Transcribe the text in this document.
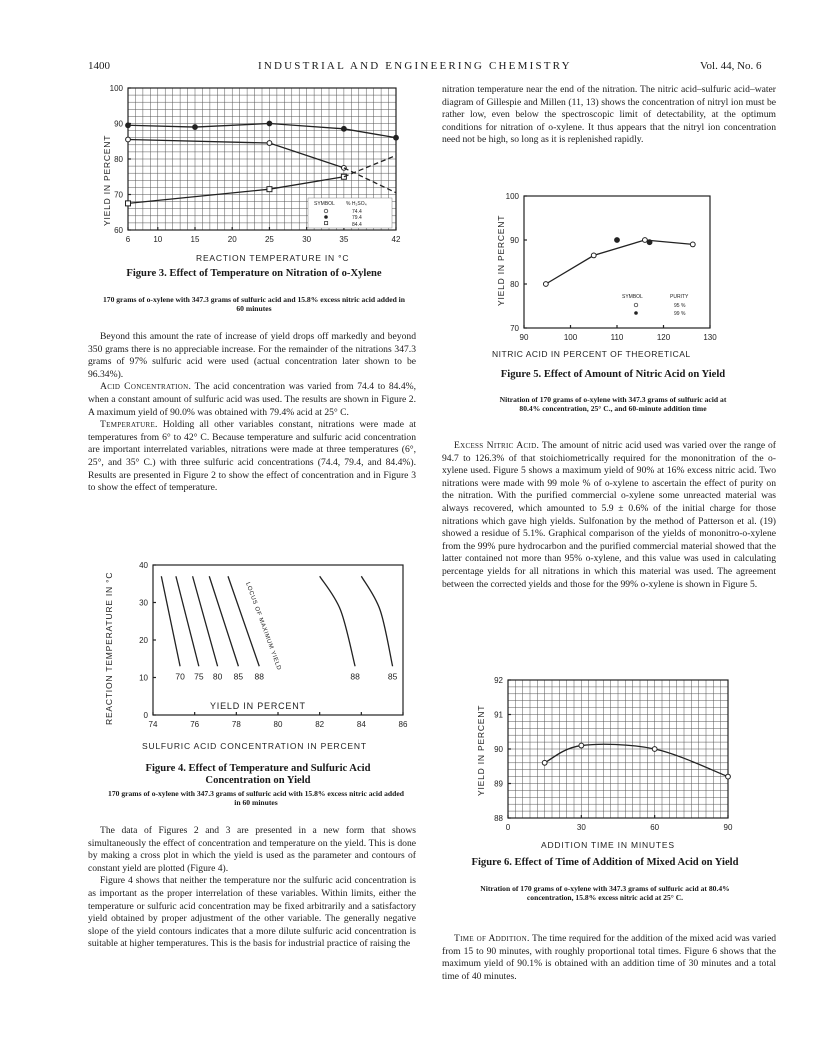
1400	INDUSTRIAL AND ENGINEERING CHEMISTRY	Vol. 44, No. 6
6	10	15	20	25	30	35	42
60
70
80
90
100
YIELD IN PERCENT
REACTION TEMPERATURE IN °C
SYMBOL % H₂SO₄
74.4
79.4
84.4
Figure 3. Effect of Temperature on Nitration of o-Xylene
170 grams of o-xylene with 347.3 grams of sulfuric acid and 15.8% excess nitric acid added in 60 minutes

Beyond this amount the rate of increase of yield drops off markedly and beyond 350 grams there is no appreciable increase. For the remainder of the nitrations 347.3 grams of 97% sulfuric acid were used (actual concentration later shown to be 96.34%).

Acid Concentration. The acid concentration was varied from 74.4 to 84.4%, when a constant amount of sulfuric acid was used. The results are shown in Figure 2. A maximum yield of 90.0% was obtained with 79.4% acid at 25° C.

Temperature. Holding all other variables constant, nitrations were made at temperatures from 6° to 42° C. Because temperature and sulfuric acid concentration are important interrelated variables, nitrations were made at three temperatures (6°, 25°, and 35° C.) with three sulfuric acid concentrations (74.4, 79.4, and 84.4%). Results are presented in Figure 2 to show the effect of concentration and in Figure 3 to show the effect of temperature.

74	76	78	80	82	84	86
0
10
20
30
40
70 75 80 85 88	88	85
YIELD IN PERCENT
LOCUS OF MAXIMUM YIELD
REACTION TEMPERATURE IN °C
SULFURIC ACID CONCENTRATION IN PERCENT
Figure 4. Effect of Temperature and Sulfuric Acid Concentration on Yield
170 grams of o-xylene with 347.3 grams of sulfuric acid with 15.8% excess nitric acid added in 60 minutes

The data of Figures 2 and 3 are presented in a new form that shows simultaneously the effect of concentration and temperature on the yield. This is done by making a cross plot in which the yield is used as the parameter and contours of constant yield are plotted (Figure 4).

Figure 4 shows that neither the temperature nor the sulfuric acid concentration is as important as the proper interrelation of these variables. Within limits, either the temperature or sulfuric acid concentration may be fixed arbitrarily and a satisfactory yield obtained by proper adjustment of the other variable. The generally negative slope of the yield contours indicates that a more dilute sulfuric acid concentration is suitable at higher temperatures. This is the basis for industrial practice of raising the

nitration temperature near the end of the nitration. The nitric acid–sulfuric acid–water diagram of Gillespie and Millen (11, 13) shows the concentration of nitryl ion must be rather low, even below the spectroscopic limit of detectability, at the optimum conditions for nitration of o-xylene. It thus appears that the nitryl ion concentration need not be high, so long as it is replenished rapidly.

90	100	110	120	130
70
80
90
100
SYMBOL	PURITY
95 %
99 %
YIELD IN PERCENT
NITRIC ACID IN PERCENT OF THEORETICAL
Figure 5. Effect of Amount of Nitric Acid on Yield
Nitration of 170 grams of o-xylene with 347.3 grams of sulfuric acid at 80.4% concentration, 25° C., and 60-minute addition time

Excess Nitric Acid. The amount of nitric acid used was varied over the range of 94.7 to 126.3% of that stoichiometrically required for the mononitration of the o-xylene used. Figure 5 shows a maximum yield of 90% at 16% excess nitric acid. Two nitrations were made with 99 mole % of o-xylene to ascertain the effect of purity on the nitration. With the purified commercial o-xylene some unreacted material was always recovered, which amounted to 5.9 ± 0.6% of the initial charge for those nitrations which gave high yields. Sulfonation by the method of Patterson et al. (19) showed a residue of 5.1%. Graphical comparison of the yields of mononitro-o-xylene from the 99% pure hydrocarbon and the purified commercial material showed that the latter contained not more than 95% o-xylene, and this value was used in calculating percentage yields for all nitrations in which this material was used. The agreement between the corrected yields and those for the 99% o-xylene is shown in Figure 5.

0	30	60	90
88
89
90
91
92
YIELD IN PERCENT
ADDITION TIME IN MINUTES
Figure 6. Effect of Time of Addition of Mixed Acid on Yield
Nitration of 170 grams of o-xylene with 347.3 grams of sulfuric acid at 80.4% concentration, 15.8% excess nitric acid at 25° C.

Time of Addition. The time required for the addition of the mixed acid was varied from 15 to 90 minutes, with roughly proportional total times. Figure 6 shows that the maximum yield of 90.1% is obtained with an addition time of 30 minutes and a total time of 40 minutes.
